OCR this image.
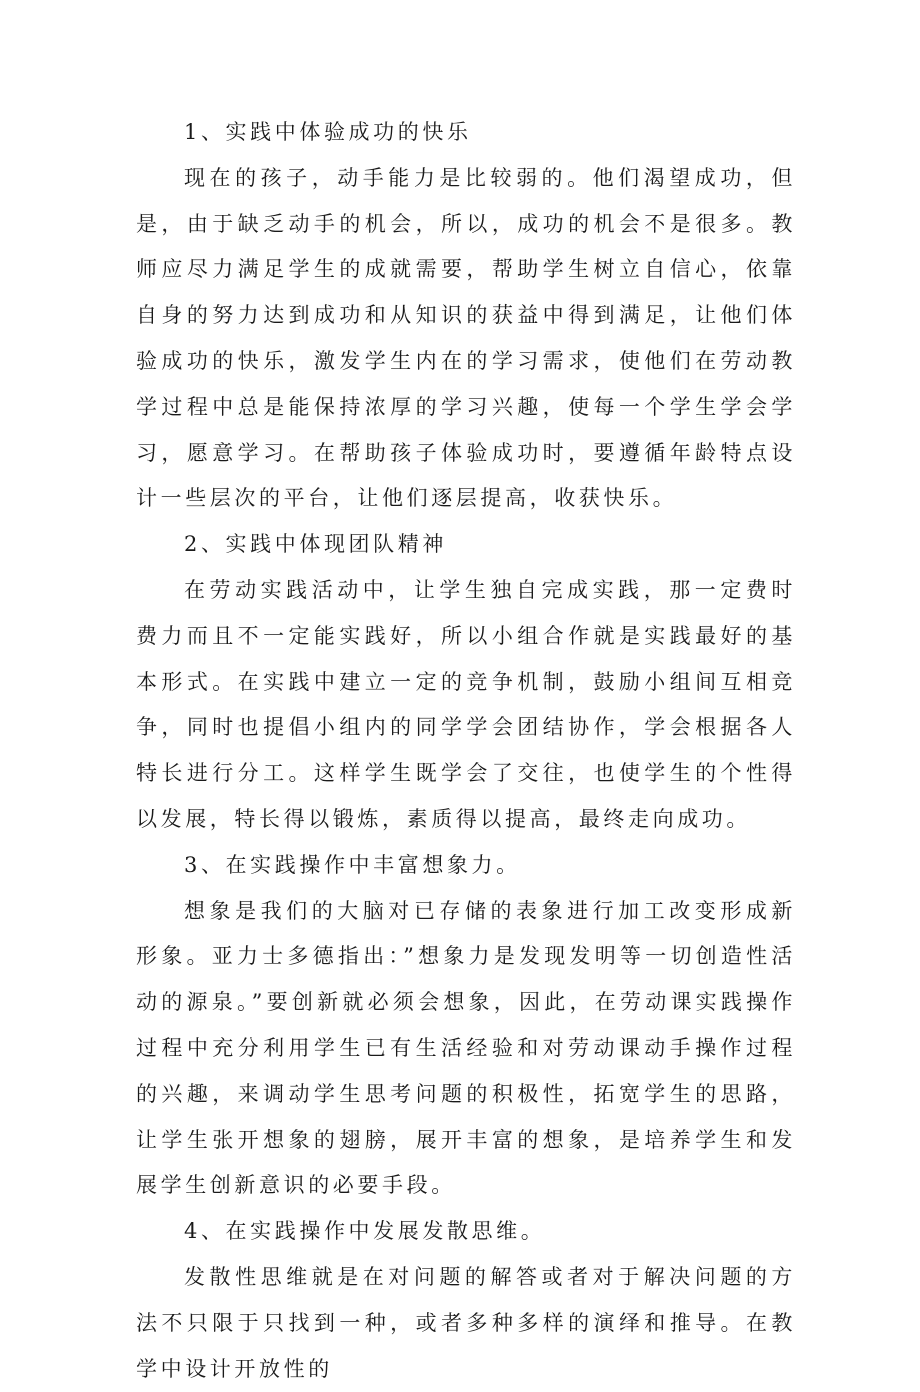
1、实践中体验成功的快乐

现在的孩子，动手能力是比较弱的。他们渴望成功，但是，由于缺乏动手的机会，所以，成功的机会不是很多。教师应尽力满足学生的成就需要，帮助学生树立自信心，依靠自身的努力达到成功和从知识的获益中得到满足，让他们体验成功的快乐，激发学生内在的学习需求，使他们在劳动教学过程中总是能保持浓厚的学习兴趣，使每一个学生学会学习，愿意学习。在帮助孩子体验成功时，要遵循年龄特点设计一些层次的平台，让他们逐层提高，收获快乐。

2、实践中体现团队精神

在劳动实践活动中，让学生独自完成实践，那一定费时费力而且不一定能实践好，所以小组合作就是实践最好的基本形式。在实践中建立一定的竞争机制，鼓励小组间互相竞争，同时也提倡小组内的同学学会团结协作，学会根据各人特长进行分工。这样学生既学会了交往，也使学生的个性得以发展，特长得以锻炼，素质得以提高，最终走向成功。

3、在实践操作中丰富想象力。

想象是我们的大脑对已存储的表象进行加工改变形成新形象。亚力士多德指出：”想象力是发现发明等一切创造性活动的源泉。”要创新就必须会想象，因此，在劳动课实践操作过程中充分利用学生已有生活经验和对劳动课动手操作过程的兴趣，来调动学生思考问题的积极性，拓宽学生的思路，让学生张开想象的翅膀，展开丰富的想象，是培养学生和发展学生创新意识的必要手段。

4、在实践操作中发展发散思维。

发散性思维就是在对问题的解答或者对于解决问题的方法不只限于只找到一种，或者多种多样的演绎和推导。在教学中设计开放性的
